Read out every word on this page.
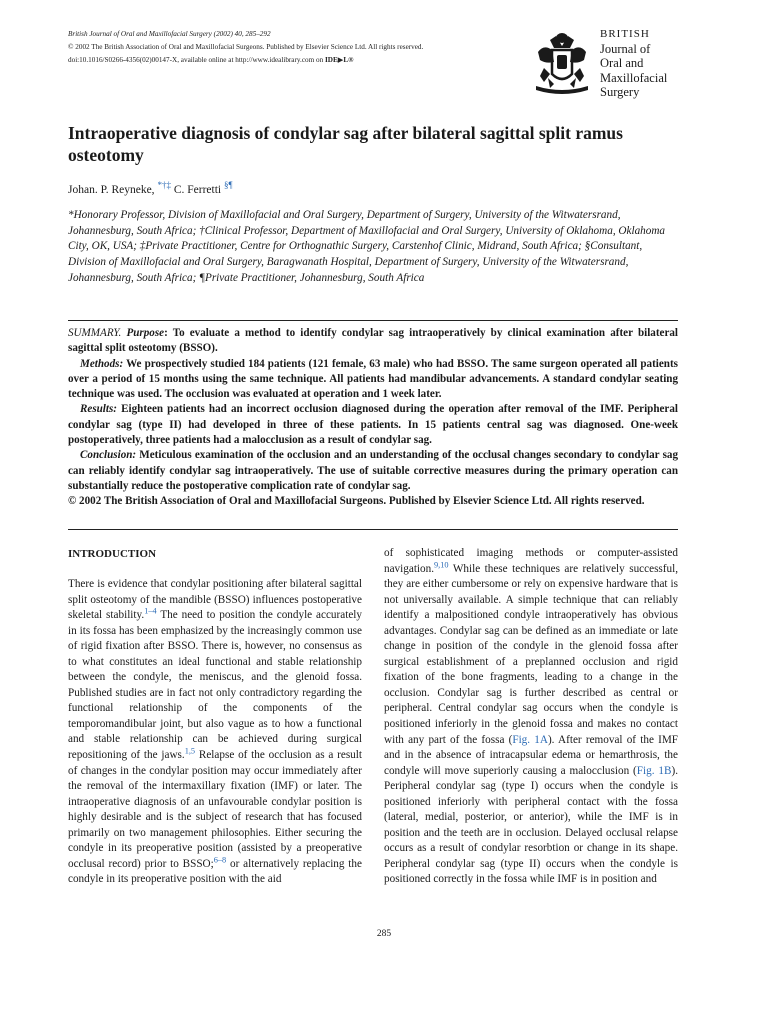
British Journal of Oral and Maxillofacial Surgery (2002) 40, 285–292
© 2002 The British Association of Oral and Maxillofacial Surgeons. Published by Elsevier Science Ltd. All rights reserved.
doi:10.1016/S0266-4356(02)00147-X, available online at http://www.idealibrary.com on IDE▶L®
BRITISH
Journal of
Oral and
Maxillofacial
Surgery
Intraoperative diagnosis of condylar sag after bilateral sagittal split ramus osteotomy
Johan. P. Reyneke, *†‡ C. Ferretti §¶
*Honorary Professor, Division of Maxillofacial and Oral Surgery, Department of Surgery, University of the Witwatersrand, Johannesburg, South Africa; †Clinical Professor, Department of Maxillofacial and Oral Surgery, University of Oklahoma, Oklahoma City, OK, USA; ‡Private Practitioner, Centre for Orthognathic Surgery, Carstenhof Clinic, Midrand, South Africa; §Consultant, Division of Maxillofacial and Oral Surgery, Baragwanath Hospital, Department of Surgery, University of the Witwatersrand, Johannesburg, South Africa; ¶Private Practitioner, Johannesburg, South Africa

SUMMARY. Purpose: To evaluate a method to identify condylar sag intraoperatively by clinical examination after bilateral sagittal split osteotomy (BSSO).

Methods: We prospectively studied 184 patients (121 female, 63 male) who had BSSO. The same surgeon operated all patients over a period of 15 months using the same technique. All patients had mandibular advancements. A standard condylar seating technique was used. The occlusion was evaluated at operation and 1 week later.

Results: Eighteen patients had an incorrect occlusion diagnosed during the operation after removal of the IMF. Peripheral condylar sag (type II) had developed in three of these patients. In 15 patients central sag was diagnosed. One-week postoperatively, three patients had a malocclusion as a result of condylar sag.

Conclusion: Meticulous examination of the occlusion and an understanding of the occlusal changes secondary to condylar sag can reliably identify condylar sag intraoperatively. The use of suitable corrective measures during the primary operation can substantially reduce the postoperative complication rate of condylar sag.

© 2002 The British Association of Oral and Maxillofacial Surgeons. Published by Elsevier Science Ltd. All rights reserved.

INTRODUCTION

There is evidence that condylar positioning after bilateral sagittal split osteotomy of the mandible (BSSO) influences postoperative skeletal stability.$^{1-4}$ The need to position the condyle accurately in its fossa has been emphasized by the increasingly common use of rigid fixation after BSSO. There is, however, no consensus as to what constitutes an ideal functional and stable relationship between the condyle, the meniscus, and the glenoid fossa. Published studies are in fact not only contradictory regarding the functional relationship of the components of the temporomandibular joint, but also vague as to how a functional and stable relationship can be achieved during surgical repositioning of the jaws.$^{1,5}$ Relapse of the occlusion as a result of changes in the condylar position may occur immediately after the removal of the intermaxillary fixation (IMF) or later. The intraoperative diagnosis of an unfavourable condylar position is highly desirable and is the subject of research that has focused primarily on two management philosophies. Either securing the condyle in its preoperative position (assisted by a preoperative occlusal record) prior to BSSO;$^{6-8}$ or alternatively replacing the condyle in its preoperative position with the aid

of sophisticated imaging methods or computer-assisted navigation.$^{9,10}$ While these techniques are relatively successful, they are either cumbersome or rely on expensive hardware that is not universally available. A simple technique that can reliably identify a malpositioned condyle intraoperatively has obvious advantages. Condylar sag can be defined as an immediate or late change in position of the condyle in the glenoid fossa after surgical establishment of a preplanned occlusion and rigid fixation of the bone fragments, leading to a change in the occlusion. Condylar sag is further described as central or peripheral. Central condylar sag occurs when the condyle is positioned inferiorly in the glenoid fossa and makes no contact with any part of the fossa (Fig. 1A). After removal of the IMF and in the absence of intracapsular edema or hemarthrosis, the condyle will move superiorly causing a malocclusion (Fig. 1B). Peripheral condylar sag (type I) occurs when the condyle is positioned inferiorly with peripheral contact with the fossa (lateral, medial, posterior, or anterior), while the IMF is in position and the teeth are in occlusion. Delayed occlusal relapse occurs as a result of condylar resorbtion or change in its shape. Peripheral condylar sag (type II) occurs when the condyle is positioned correctly in the fossa while IMF is in position and

285
